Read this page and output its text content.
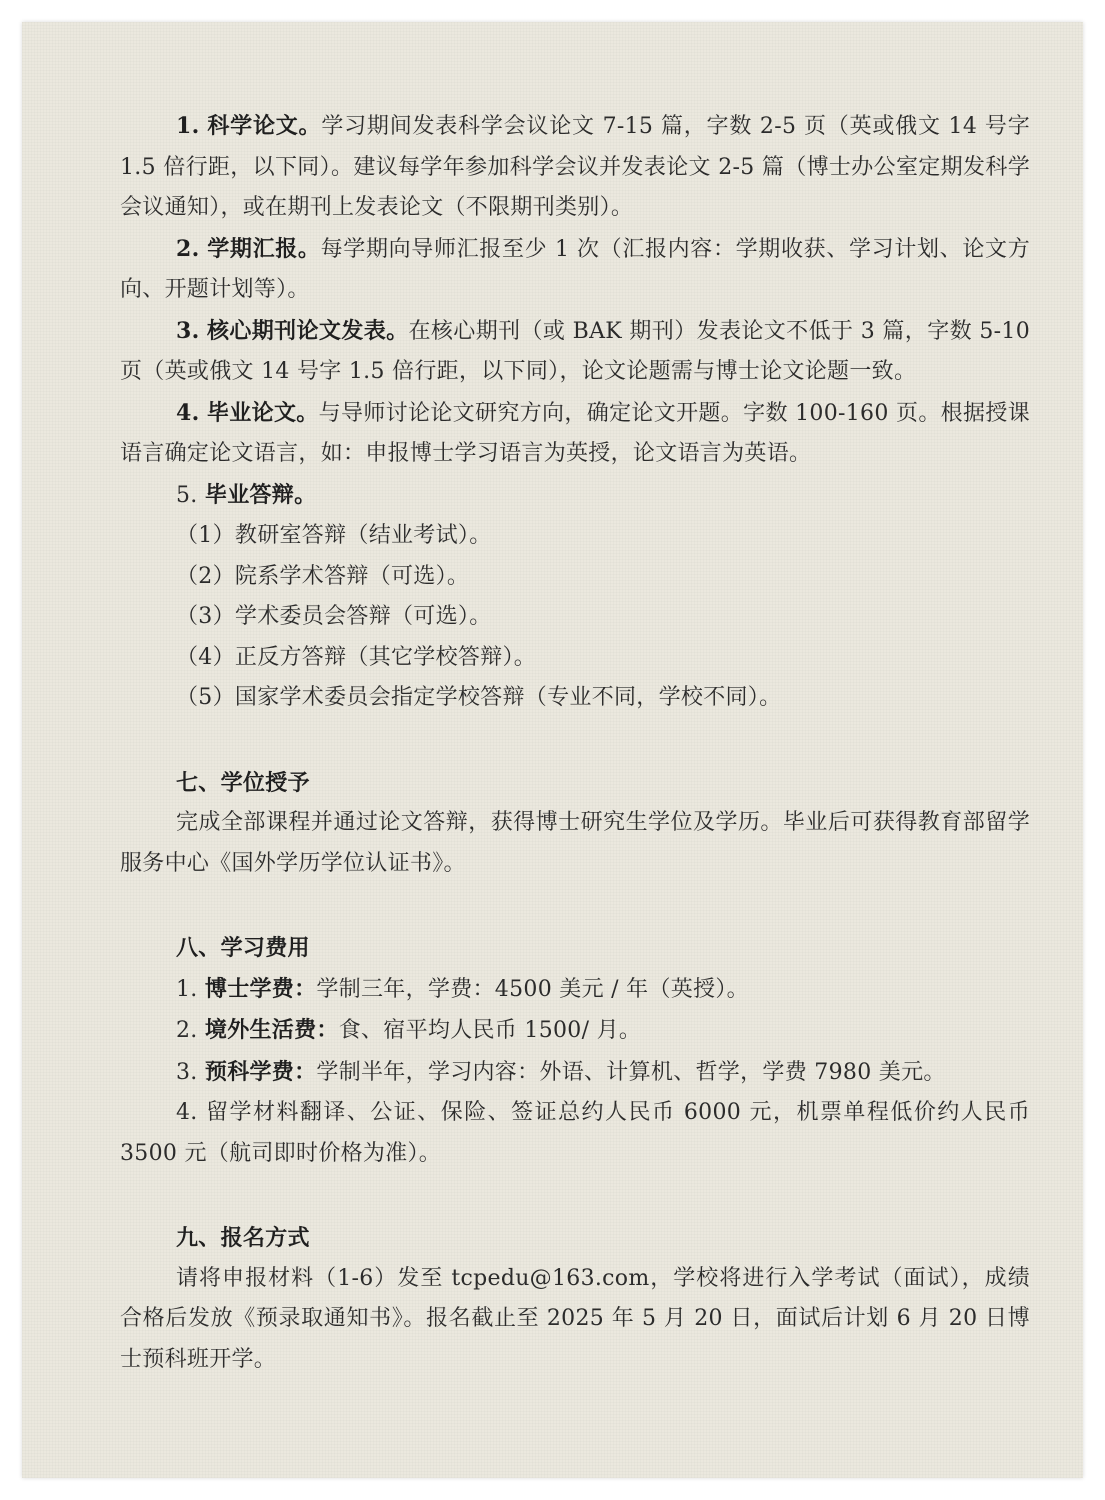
1. 科学论文。学习期间发表科学会议论文 7-15 篇，字数 2-5 页（英或俄文 14 号字 1.5 倍行距，以下同）。建议每学年参加科学会议并发表论文 2-5 篇（博士办公室定期发科学会议通知），或在期刊上发表论文（不限期刊类别）。

2. 学期汇报。每学期向导师汇报至少 1 次（汇报内容：学期收获、学习计划、论文方向、开题计划等）。

3. 核心期刊论文发表。在核心期刊（或 BAK 期刊）发表论文不低于 3 篇，字数 5-10 页（英或俄文 14 号字 1.5 倍行距，以下同），论文论题需与博士论文论题一致。

4. 毕业论文。与导师讨论论文研究方向，确定论文开题。字数 100-160 页。根据授课语言确定论文语言，如：申报博士学习语言为英授，论文语言为英语。

5. 毕业答辩。

（1）教研室答辩（结业考试）。

（2）院系学术答辩（可选）。

（3）学术委员会答辩（可选）。

（4）正反方答辩（其它学校答辩）。

（5）国家学术委员会指定学校答辩（专业不同，学校不同）。

七、学位授予

完成全部课程并通过论文答辩，获得博士研究生学位及学历。毕业后可获得教育部留学服务中心《国外学历学位认证书》。

八、学习费用

1. 博士学费：学制三年，学费：4500 美元 / 年（英授）。

2. 境外生活费：食、宿平均人民币 1500/ 月。

3. 预科学费：学制半年，学习内容：外语、计算机、哲学，学费 7980 美元。

4. 留学材料翻译、公证、保险、签证总约人民币 6000 元，机票单程低价约人民币 3500 元（航司即时价格为准）。

九、报名方式

请将申报材料（1-6）发至 tcpedu@163.com，学校将进行入学考试（面试），成绩合格后发放《预录取通知书》。报名截止至 2025 年 5 月 20 日，面试后计划 6 月 20 日博士预科班开学。
